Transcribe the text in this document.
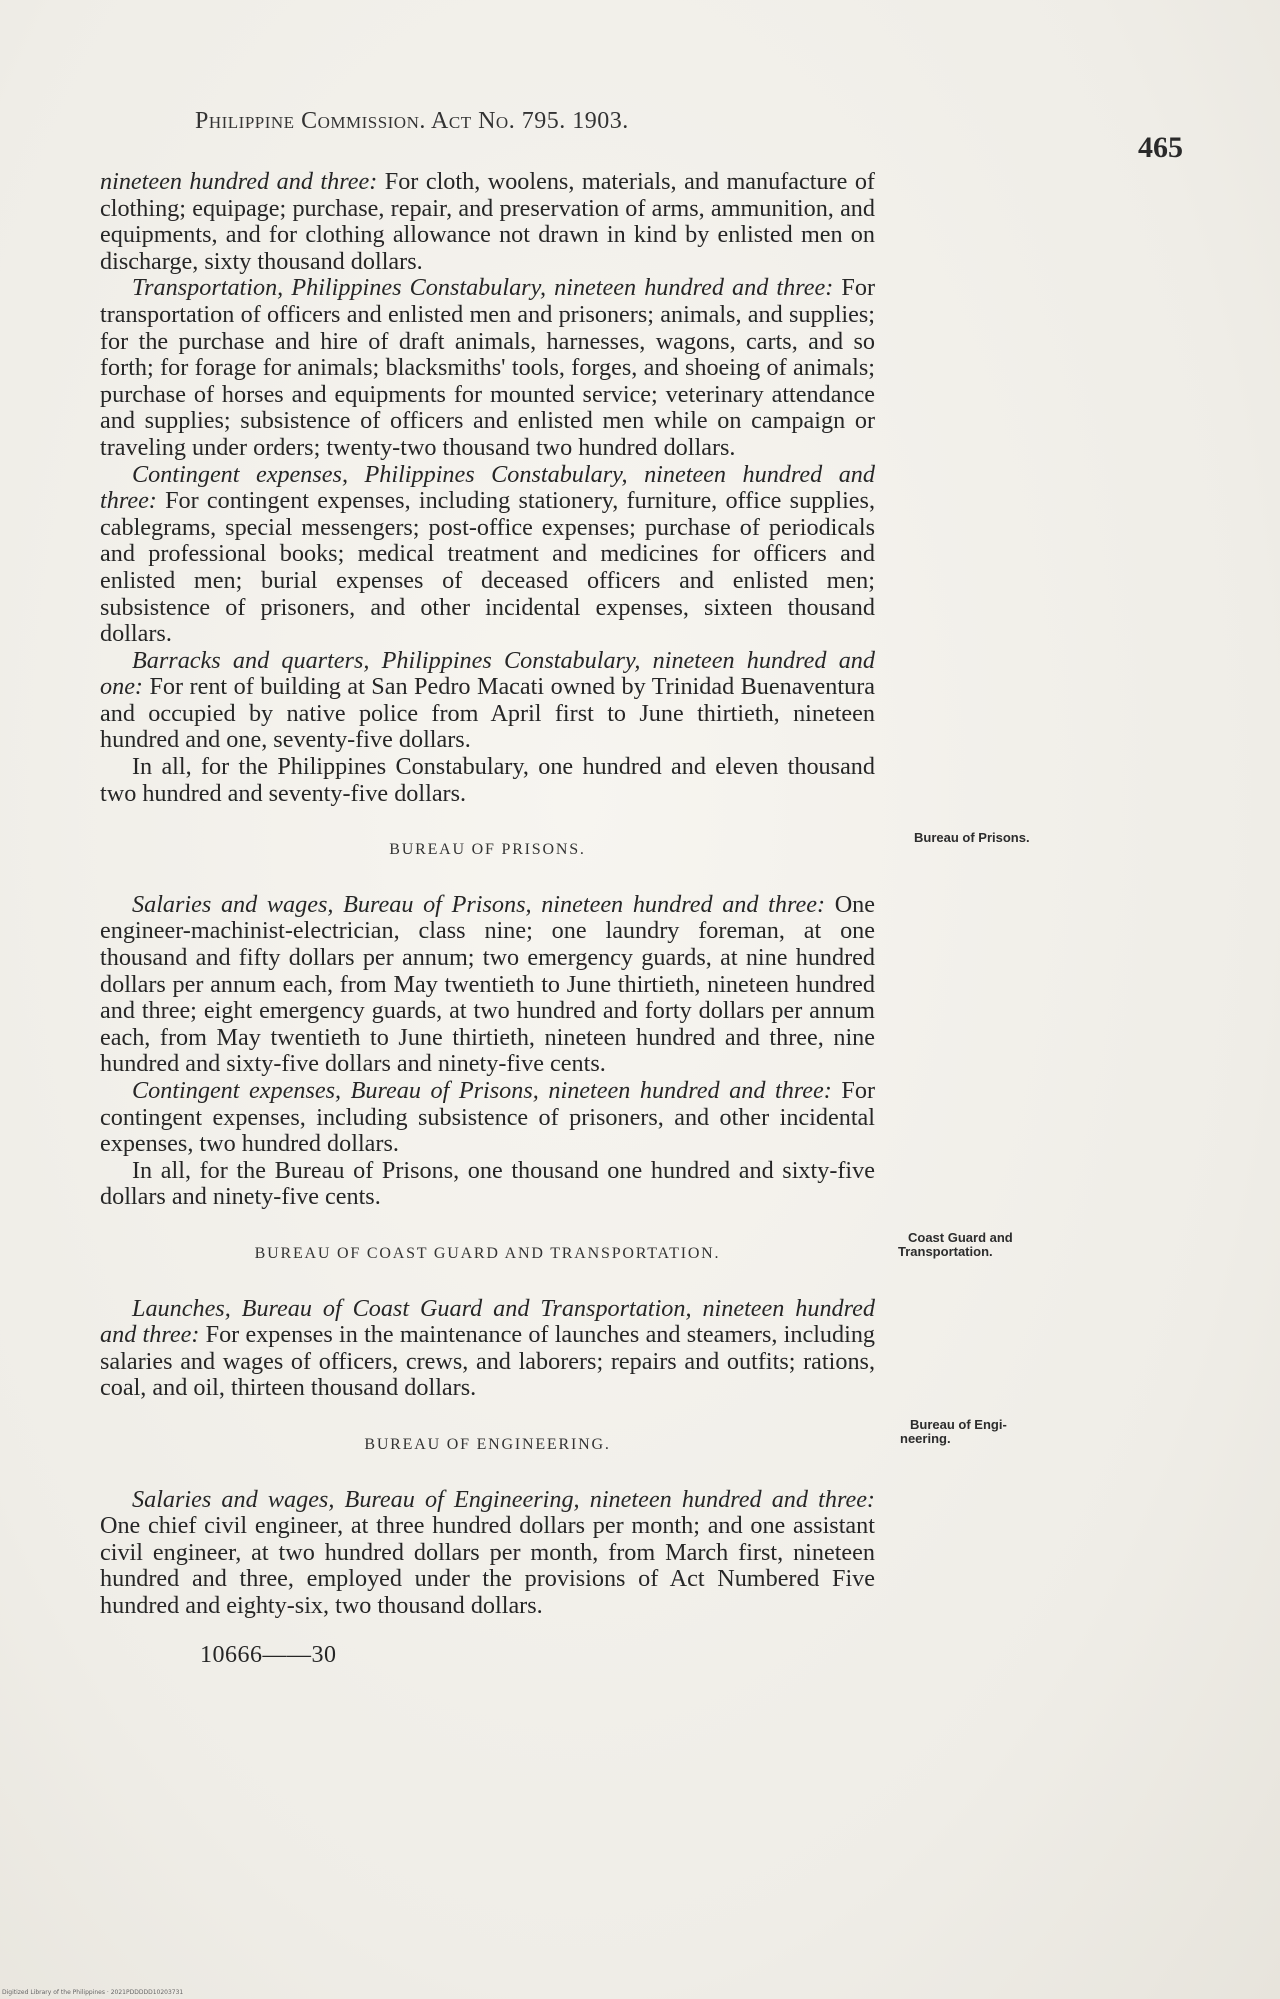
Philippine Commission. Act No. 795. 1903.
465

nineteen hundred and three: For cloth, woolens, materials, and manufacture of clothing; equipage; purchase, repair, and preservation of arms, ammunition, and equipments, and for clothing allowance not drawn in kind by enlisted men on discharge, sixty thousand dollars.

Transportation, Philippines Constabulary, nineteen hundred and three: For transportation of officers and enlisted men and prisoners; animals, and supplies; for the purchase and hire of draft animals, harnesses, wagons, carts, and so forth; for forage for animals; blacksmiths' tools, forges, and shoeing of animals; purchase of horses and equipments for mounted service; veterinary attendance and supplies; subsistence of officers and enlisted men while on campaign or traveling under orders; twenty-two thousand two hundred dollars.

Contingent expenses, Philippines Constabulary, nineteen hundred and three: For contingent expenses, including stationery, furniture, office supplies, cablegrams, special messengers; post-office expenses; purchase of periodicals and professional books; medical treatment and medicines for officers and enlisted men; burial expenses of deceased officers and enlisted men; subsistence of prisoners, and other incidental expenses, sixteen thousand dollars.

Barracks and quarters, Philippines Constabulary, nineteen hundred and one: For rent of building at San Pedro Macati owned by Trinidad Buenaventura and occupied by native police from April first to June thirtieth, nineteen hundred and one, seventy-five dollars.

In all, for the Philippines Constabulary, one hundred and eleven thousand two hundred and seventy-five dollars.

BUREAU OF PRISONS.

Salaries and wages, Bureau of Prisons, nineteen hundred and three: One engineer-machinist-electrician, class nine; one laundry foreman, at one thousand and fifty dollars per annum; two emergency guards, at nine hundred dollars per annum each, from May twentieth to June thirtieth, nineteen hundred and three; eight emergency guards, at two hundred and forty dollars per annum each, from May twentieth to June thirtieth, nineteen hundred and three, nine hundred and sixty-five dollars and ninety-five cents.

Contingent expenses, Bureau of Prisons, nineteen hundred and three: For contingent expenses, including subsistence of prisoners, and other incidental expenses, two hundred dollars.

In all, for the Bureau of Prisons, one thousand one hundred and sixty-five dollars and ninety-five cents.

BUREAU OF COAST GUARD AND TRANSPORTATION.

Launches, Bureau of Coast Guard and Transportation, nineteen hundred and three: For expenses in the maintenance of launches and steamers, including salaries and wages of officers, crews, and laborers; repairs and outfits; rations, coal, and oil, thirteen thousand dollars.

BUREAU OF ENGINEERING.

Salaries and wages, Bureau of Engineering, nineteen hundred and three: One chief civil engineer, at three hundred dollars per month; and one assistant civil engineer, at two hundred dollars per month, from March first, nineteen hundred and three, employed under the provisions of Act Numbered Five hundred and eighty-six, two thousand dollars.

10666——30

Bureau of Prisons.
Coast Guard and
Transportation.
Bureau of Engi-
neering.
Digitized Library of the Philippines · 2021PDDDDD10203731
